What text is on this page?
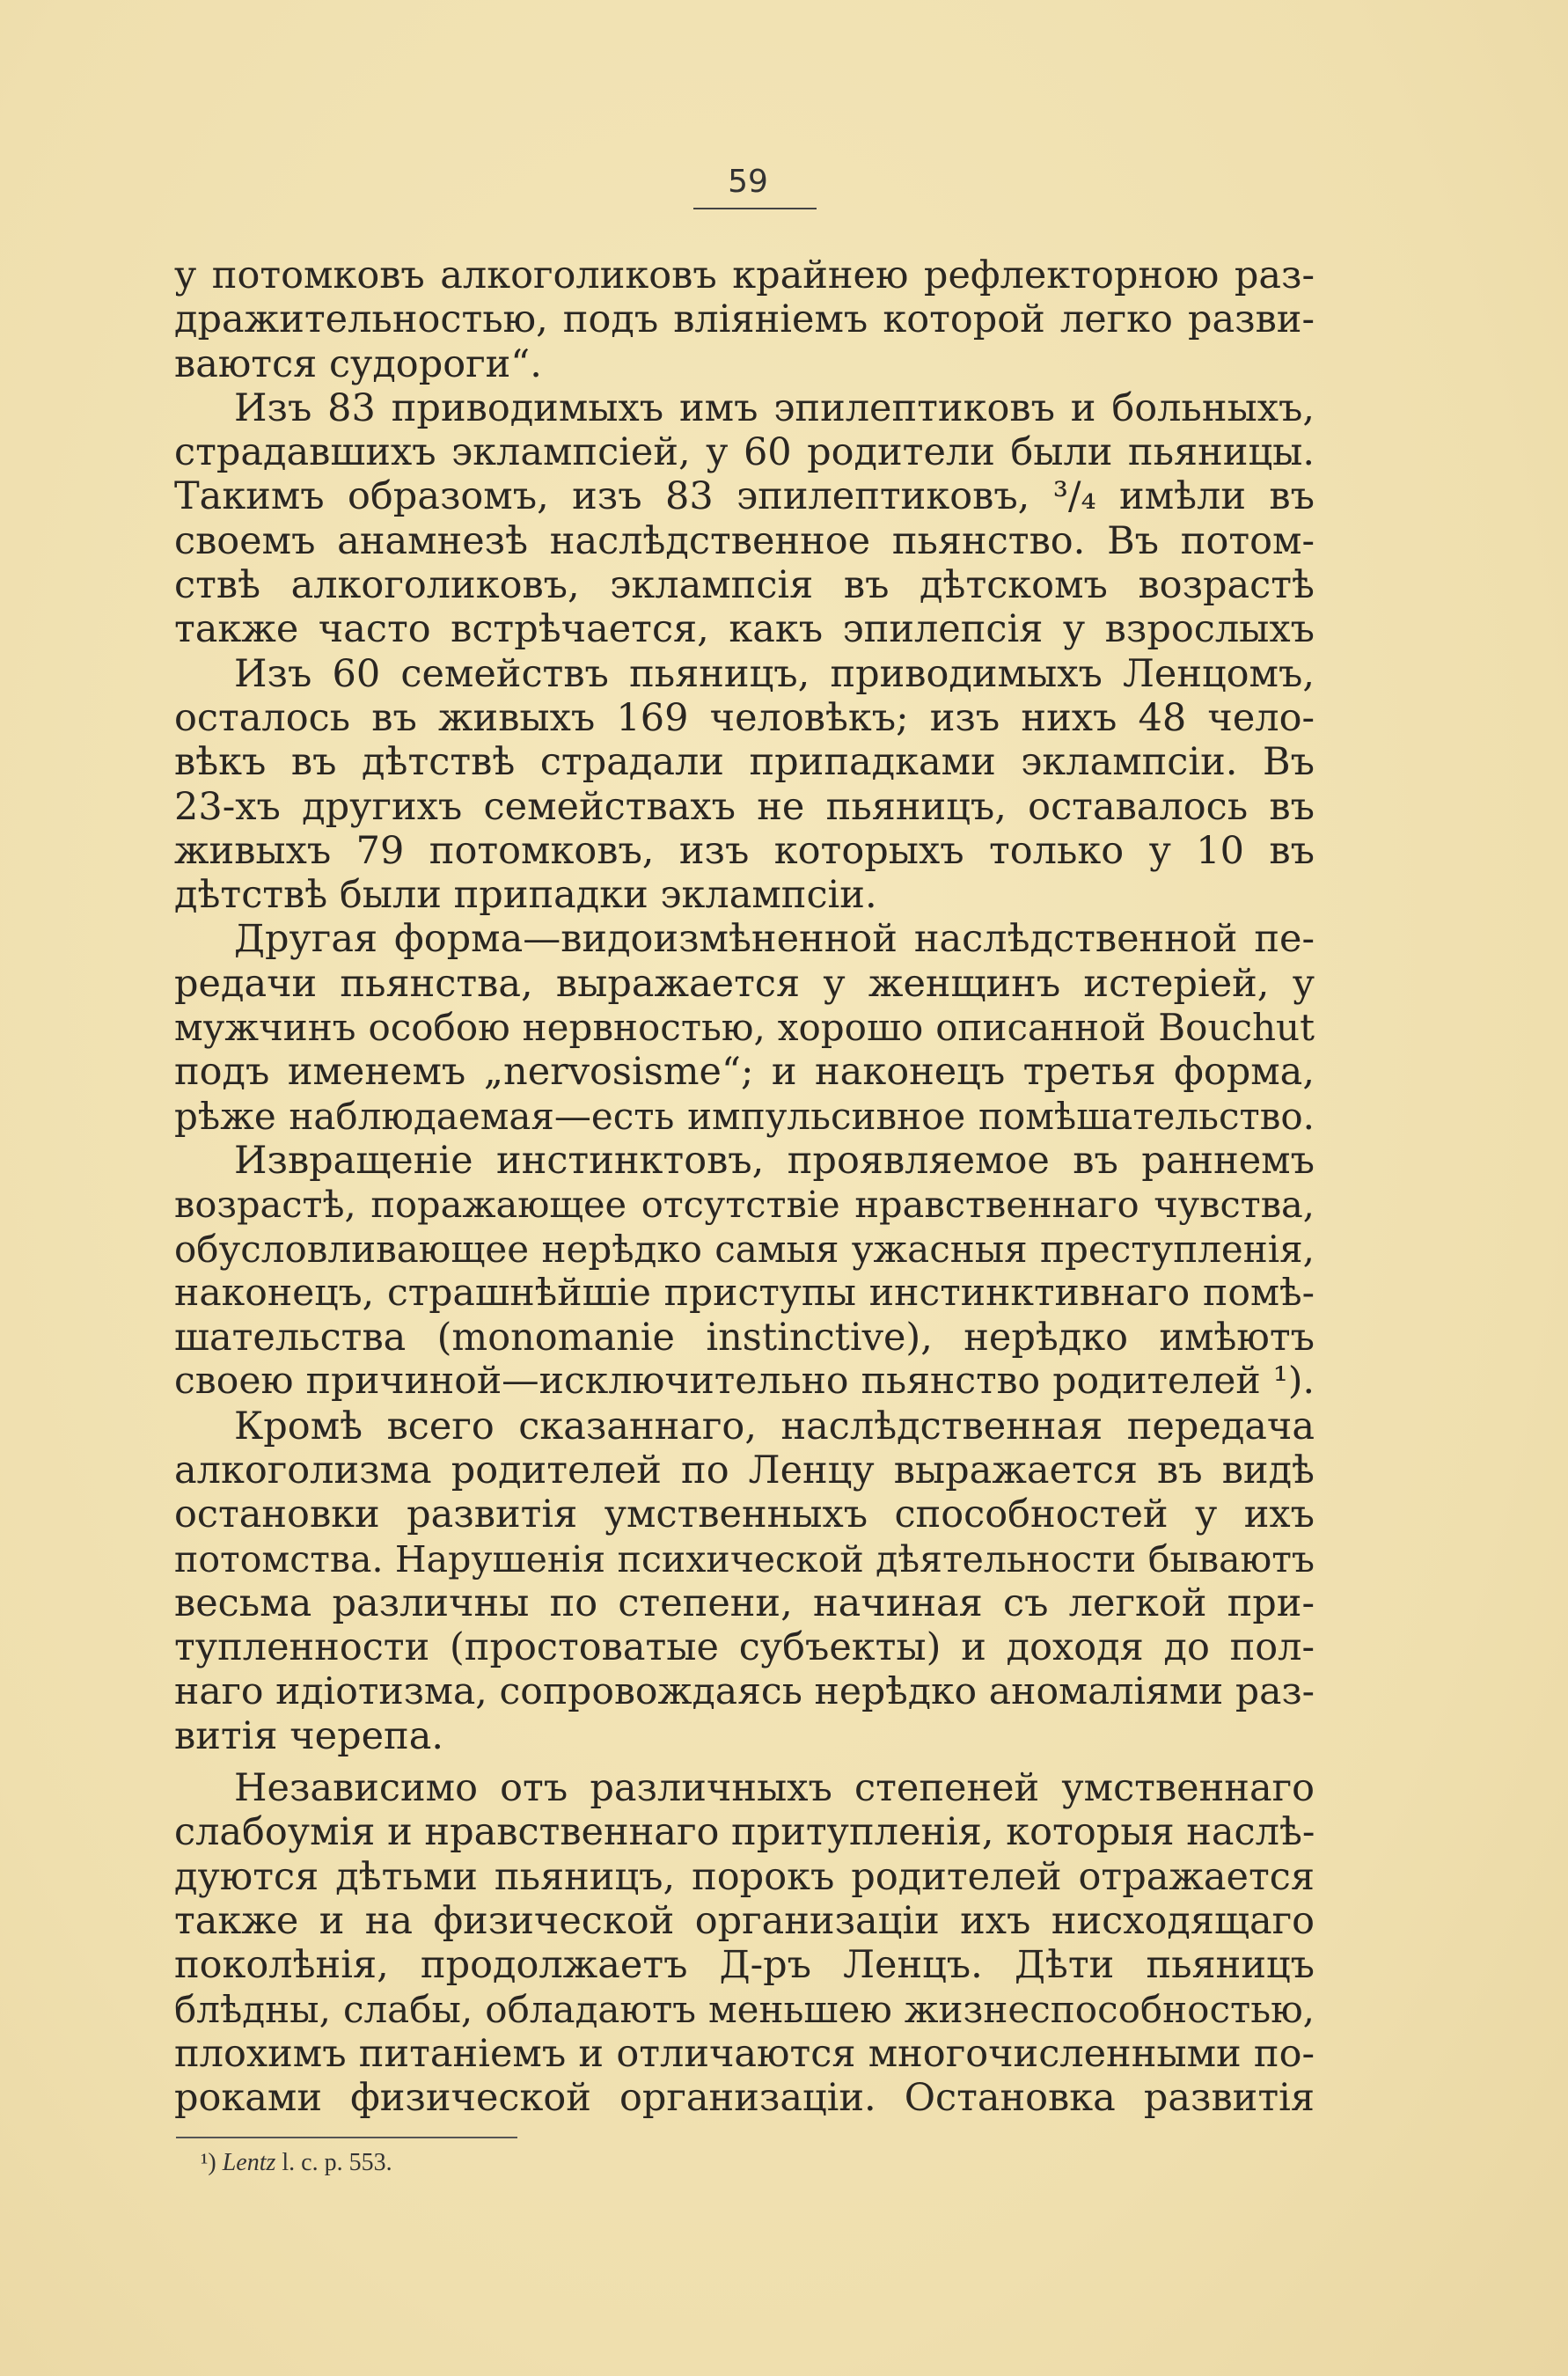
59
у потомковъ алкоголиковъ крайнею рефлекторною раз-
дражительностью, подъ вліяніемъ которой легко разви-
ваются судороги“.
Изъ 83 приводимыхъ имъ эпилептиковъ и больныхъ,
страдавшихъ эклампсіей, у 60 родители были пьяницы.
Такимъ образомъ, изъ 83 эпилептиковъ, ³/₄ имѣли въ
своемъ анамнезѣ наслѣдственное пьянство. Въ потом-
ствѣ алкоголиковъ, эклампсія въ дѣтскомъ возрастѣ
также часто встрѣчается, какъ эпилепсія у взрослыхъ
Изъ 60 семействъ пьяницъ, приводимыхъ Ленцомъ,
осталось въ живыхъ 169 человѣкъ; изъ нихъ 48 чело-
вѣкъ въ дѣтствѣ страдали припадками эклампсіи. Въ
23-хъ другихъ семействахъ не пьяницъ, оставалось въ
живыхъ 79 потомковъ, изъ которыхъ только у 10 въ
дѣтствѣ были припадки эклампсіи.
Другая форма—видоизмѣненной наслѣдственной пе-
редачи пьянства, выражается у женщинъ истеріей, у
мужчинъ особою нервностью, хорошо описанной Bouchut
подъ именемъ „nervosisme“; и наконецъ третья форма,
рѣже наблюдаемая—есть импульсивное помѣшательство.
Извращеніе инстинктовъ, проявляемое въ раннемъ
возрастѣ, поражающее отсутствіе нравственнаго чувства,
обусловливающее нерѣдко самыя ужасныя преступленія,
наконецъ, страшнѣйшіе приступы инстинктивнаго помѣ-
шательства (monomanie instinctive), нерѣдко имѣютъ
своею причиной—исключительно пьянство родителей ¹).
Кромѣ всего сказаннаго, наслѣдственная передача
алкоголизма родителей по Ленцу выражается въ видѣ
остановки развитія умственныхъ способностей у ихъ
потомства. Нарушенія психической дѣятельности бываютъ
весьма различны по степени, начиная съ легкой при-
тупленности (простоватые субъекты) и доходя до пол-
наго идіотизма, сопровождаясь нерѣдко аномаліями раз-
витія черепа.
Независимо отъ различныхъ степеней умственнаго
слабоумія и нравственнаго притупленія, которыя наслѣ-
дуются дѣтьми пьяницъ, порокъ родителей отражается
также и на физической организаціи ихъ нисходящаго
поколѣнія, продолжаетъ Д-ръ Ленцъ. Дѣти пьяницъ
блѣдны, слабы, обладаютъ меньшею жизнеспособностью,
плохимъ питаніемъ и отличаются многочисленными по-
роками физической организаціи. Остановка развитія
¹) Lentz l. c. p. 553.
